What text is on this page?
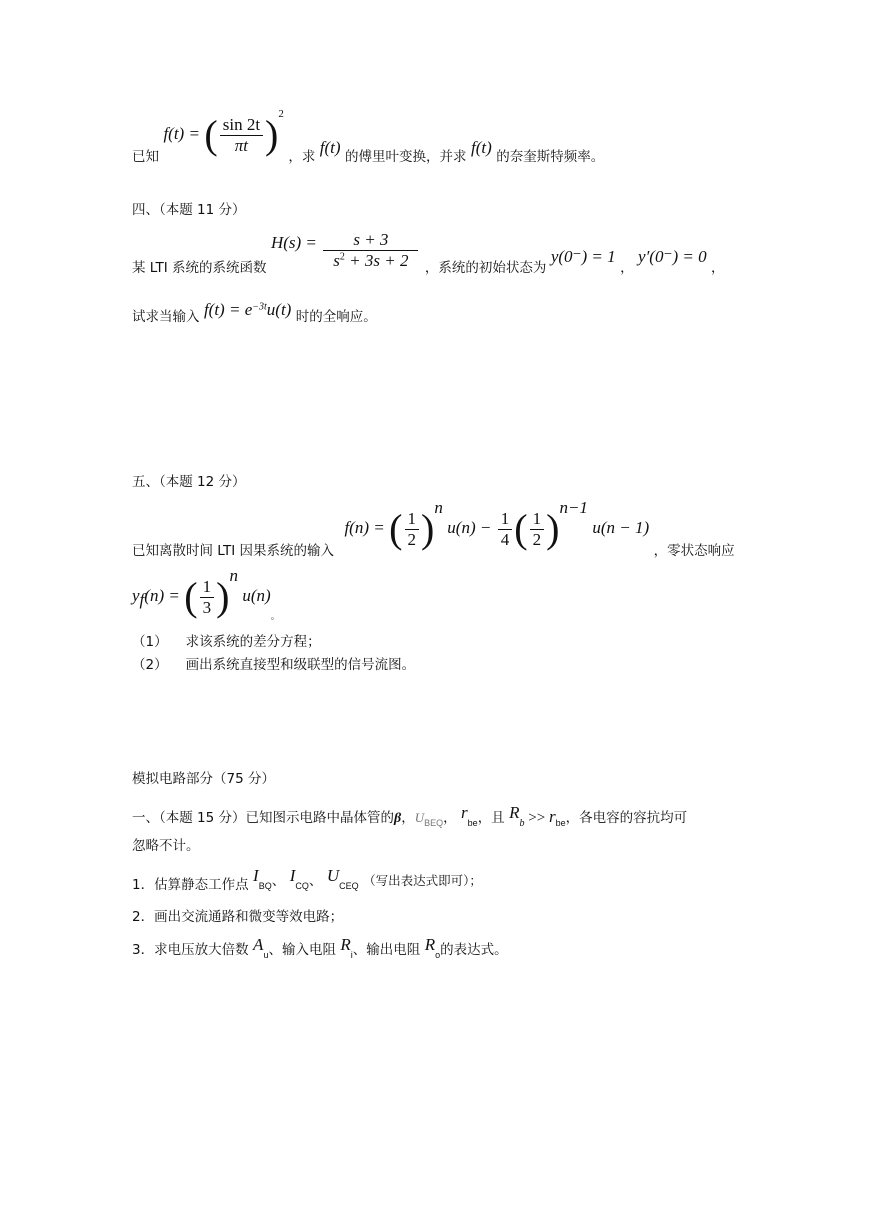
已知 f(t) = ( $\frac{\sin 2t}{\pi t} )^2$ ，求 f(t) 的傅里叶变换，并求 f(t) 的奈奎斯特频率。
四、（本题 11 分）
某 LTI 系统的系统函数 $H(s) = \frac{s + 3}{s^2 + 3s + 2}$ ，系统的初始状态为 y(0⁻) = 1 ， y′(0⁻) = 0 ，
试求当输入 $f(t) = e^{-3t}u(t)$ 时的全响应。
五、（本题 12 分）
已知离散时间 LTI 因果系统的输入 f(n) = ( $\frac{1}{2} )^n$ $u(n) - \frac{1}{4}$ ( $\frac{1}{2} )^{n-1}$ u(n − 1) ，零状态响应
$y_f(n)$ = ( $\frac{1}{3} )^n$ $u(n)_。$
（1） 求该系统的差分方程；
（2） 画出系统直接型和级联型的信号流图。
模拟电路部分（75 分）
一、（本题 15 分）已知图示电路中晶体管的β，$U_{BEQ}$， $r_{be}$，且 $R_b >> r_{be}$，各电容的容抗均可
忽略不计。
1．估算静态工作点 $I_{BQ}$、 $I_{CQ}$、 $U_{CEQ}$ （写出表达式即可）；
2．画出交流通路和微变等效电路；
3．求电压放大倍数 $A_u$、输入电阻 $R_i$、输出电阻 $R_o$的表达式。
